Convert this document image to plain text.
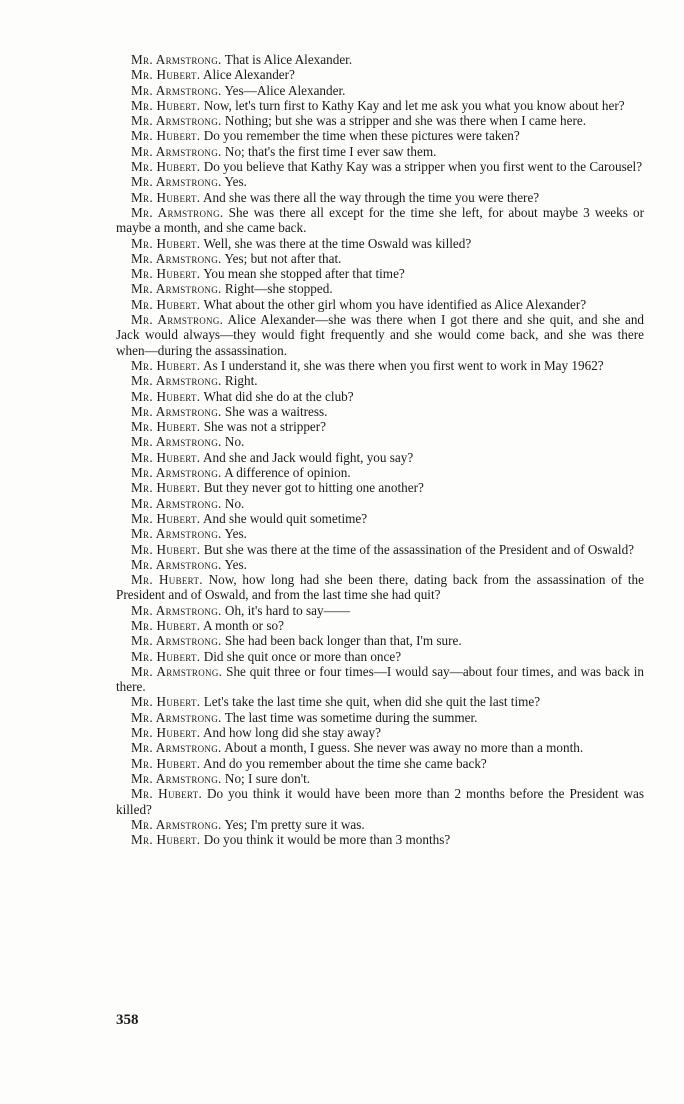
Mr. Armstrong. That is Alice Alexander.

Mr. Hubert. Alice Alexander?

Mr. Armstrong. Yes—Alice Alexander.

Mr. Hubert. Now, let's turn first to Kathy Kay and let me ask you what you know about her?

Mr. Armstrong. Nothing; but she was a stripper and she was there when I came here.

Mr. Hubert. Do you remember the time when these pictures were taken?

Mr. Armstrong. No; that's the first time I ever saw them.

Mr. Hubert. Do you believe that Kathy Kay was a stripper when you first went to the Carousel?

Mr. Armstrong. Yes.

Mr. Hubert. And she was there all the way through the time you were there?

Mr. Armstrong. She was there all except for the time she left, for about maybe 3 weeks or maybe a month, and she came back.

Mr. Hubert. Well, she was there at the time Oswald was killed?

Mr. Armstrong. Yes; but not after that.

Mr. Hubert. You mean she stopped after that time?

Mr. Armstrong. Right—she stopped.

Mr. Hubert. What about the other girl whom you have identified as Alice Alexander?

Mr. Armstrong. Alice Alexander—she was there when I got there and she quit, and she and Jack would always—they would fight frequently and she would come back, and she was there when—during the assassination.

Mr. Hubert. As I understand it, she was there when you first went to work in May 1962?

Mr. Armstrong. Right.

Mr. Hubert. What did she do at the club?

Mr. Armstrong. She was a waitress.

Mr. Hubert. She was not a stripper?

Mr. Armstrong. No.

Mr. Hubert. And she and Jack would fight, you say?

Mr. Armstrong. A difference of opinion.

Mr. Hubert. But they never got to hitting one another?

Mr. Armstrong. No.

Mr. Hubert. And she would quit sometime?

Mr. Armstrong. Yes.

Mr. Hubert. But she was there at the time of the assassination of the President and of Oswald?

Mr. Armstrong. Yes.

Mr. Hubert. Now, how long had she been there, dating back from the assassination of the President and of Oswald, and from the last time she had quit?

Mr. Armstrong. Oh, it's hard to say——

Mr. Hubert. A month or so?

Mr. Armstrong. She had been back longer than that, I'm sure.

Mr. Hubert. Did she quit once or more than once?

Mr. Armstrong. She quit three or four times—I would say—about four times, and was back in there.

Mr. Hubert. Let's take the last time she quit, when did she quit the last time?

Mr. Armstrong. The last time was sometime during the summer.

Mr. Hubert. And how long did she stay away?

Mr. Armstrong. About a month, I guess. She never was away no more than a month.

Mr. Hubert. And do you remember about the time she came back?

Mr. Armstrong. No; I sure don't.

Mr. Hubert. Do you think it would have been more than 2 months before the President was killed?

Mr. Armstrong. Yes; I'm pretty sure it was.

Mr. Hubert. Do you think it would be more than 3 months?

358
